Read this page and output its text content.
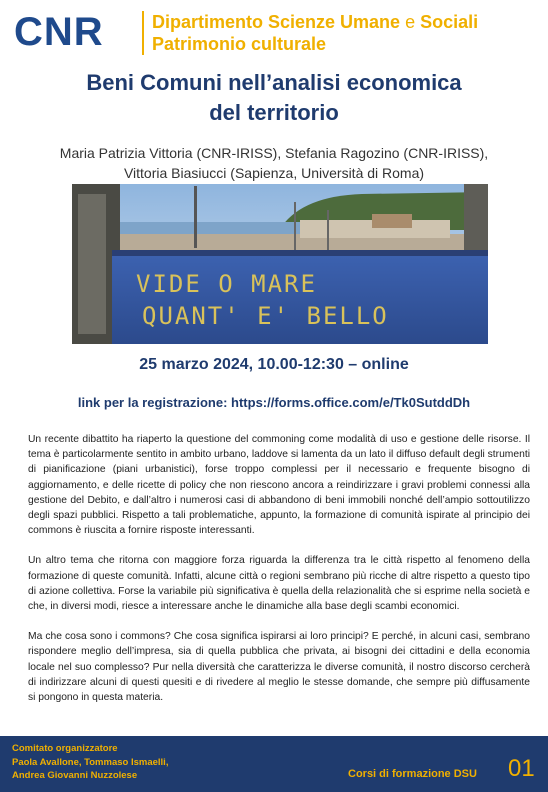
CNR	Dipartimento Scienze Umane e Sociali
Patrimonio culturale
Beni Comuni nell’analisi economica
del territorio
Maria Patrizia Vittoria (CNR-IRISS), Stefania Ragozino (CNR-IRISS),
Vittoria Biasiucci (Sapienza, Università di Roma)
VIDE O MARE
QUANT' E' BELLO
25 marzo 2024, 10.00-12:30 – online
link per la registrazione: https://forms.office.com/e/Tk0SutddDh

Un recente dibattito ha riaperto la questione del commoning come modalità di uso e gestione delle risorse. Il tema è particolarmente sentito in ambito urbano, laddove si lamenta da un lato il diffuso default degli strumenti di pianificazione (piani urbanistici), forse troppo complessi per il necessario e frequente bisogno di aggiornamento, e delle ricette di policy che non riescono ancora a reindirizzare i gravi problemi connessi alla gestione del Debito, e dall’altro i numerosi casi di abbandono di beni immobili nonché dell’ampio sottoutilizzo degli spazi pubblici. Rispetto a tali problematiche, appunto, la formazione di comunità ispirate al principio dei commons è riuscita a fornire risposte interessanti.

Un altro tema che ritorna con maggiore forza riguarda la differenza tra le città rispetto al fenomeno della formazione di queste comunità. Infatti, alcune città o regioni sembrano più ricche di altre rispetto a questo tipo di azione collettiva. Forse la variabile più significativa è quella della relazionalità che si esprime nella società e che, in diversi modi, riesce a interessare anche le dinamiche alla base degli scambi economici.

Ma che cosa sono i commons? Che cosa significa ispirarsi ai loro principi? E perché, in alcuni casi, sembrano rispondere meglio dell’impresa, sia di quella pubblica che privata, ai bisogni dei cittadini e della economia locale nel suo complesso? Pur nella diversità che caratterizza le diverse comunità, il nostro discorso cercherà di indirizzare alcuni di questi quesiti e di rivedere al meglio le stesse domande, che sempre più diffusamente si pongono in questa materia.

Comitato organizzatore
Paola Avallone, Tommaso Ismaelli,
Andrea Giovanni Nuzzolese	Corsi di formazione DSU 01
